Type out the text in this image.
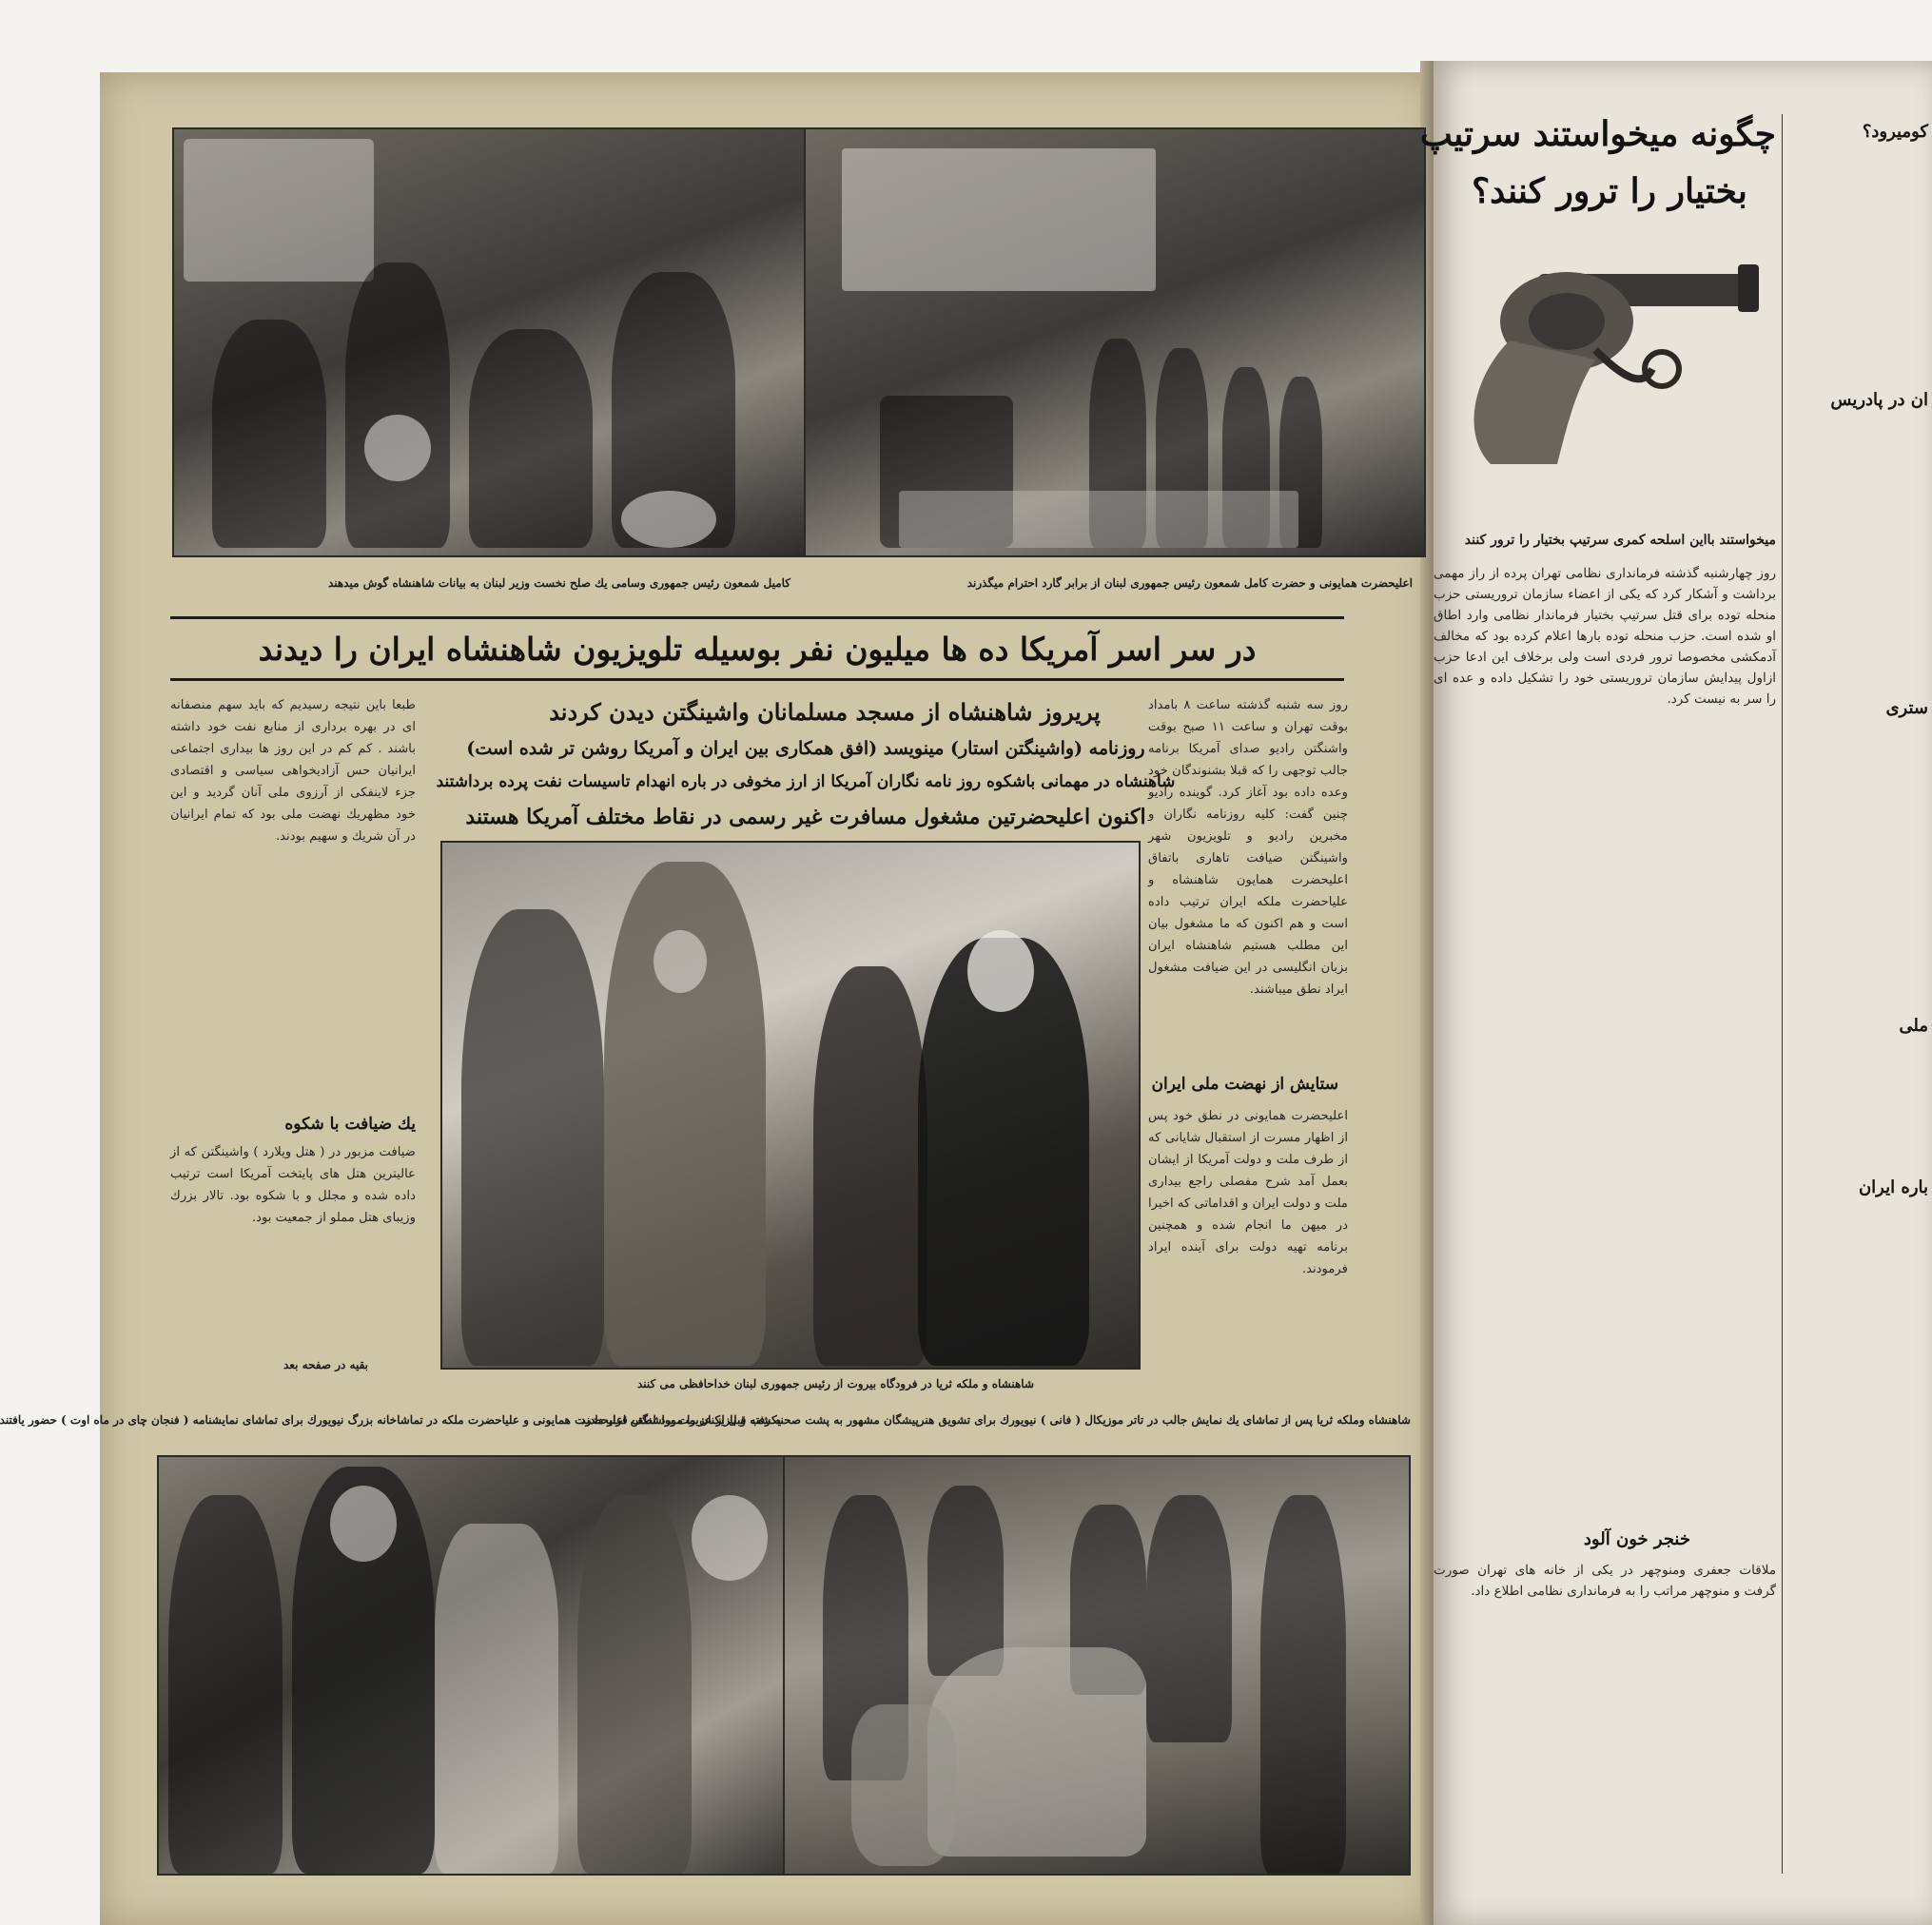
اعلیحضرت همایونی و حضرت کامل شمعون رئیس جمهوری لبنان از برابر گارد احترام میگذرند
کامیل شمعون رئیس جمهوری وسامی یك صلح نخست وزیر لبنان به بیانات شاهنشاه گوش میدهند
در سر اسر آمریکا ده ها میلیون نفر بوسیله تلویزیون شاهنشاه ایران را دیدند
پریروز شاهنشاه از مسجد مسلمانان واشینگتن دیدن کردند
روزنامه (واشینگتن استار) مینویسد (افق همکاری بین ایران و آمریکا روشن تر شده است)
شاهنشاه در مهمانی باشکوه روز نامه نگاران آمریکا از ارز مخوفی در باره انهدام تاسیسات نفت پرده برداشتند
اکنون اعلیحضرتین مشغول مسافرت غیر رسمی در نقاط مختلف آمریکا هستند
شاهنشاه و ملکه ثریا در فرودگاه بیروت از رئیس جمهوری لبنان خداحافظی می کنند
روز سه شنبه گذشته ساعت ۸ بامداد بوقت تهران و ساعت ۱۱ صبح بوقت واشنگتن رادیو صدای آمریکا برنامه جالب توجهی را که قبلا بشنوندگان خود وعده داده بود آغاز کرد. گوینده رادیو چنین گفت: کلیه روزنامه نگاران و مخبرین رادیو و تلویزیون شهر واشینگتن ضیافت تاهاری باتفاق اعلیحضرت همایون شاهنشاه و علیاحضرت ملکه ایران ترتیب داده است و هم اکنون که ما مشغول بیان این مطلب هستیم شاهنشاه ایران بزبان انگلیسی در این ضیافت مشغول ایراد نطق میباشند.
ستایش از نهضت ملی ایران
اعلیحضرت همایونی در نطق خود پس از اظهار مسرت از استقبال شایانی که از طرف ملت و دولت آمریکا از ایشان بعمل آمد شرح مفصلی راجع بیداری ملت و دولت ایران و اقداماتی که اخیرا در میهن ما انجام شده و همچنین برنامه تهیه دولت برای آینده ایراد فرمودند.
طبعا باین نتیجه رسیدیم که باید سهم منصفانه ای در بهره برداری از منابع نفت خود داشته باشند . کم کم در این روز ها بیداری اجتماعی ایرانیان حس آزادیخواهی سیاسی و اقتصادی جزء لاینفکی از آرزوی ملی آنان گردید و این خود مظهریك نهضت ملی بود که تمام ایرانیان در آن شریك و سهیم بودند.
یك ضیافت با شکوه
ضیافت مزبور در ( هتل ویلارد ) واشینگتن که از عالیترین هتل های پایتخت آمریکا است ترتیب داده شده و مجلل و با شکوه بود. تالار بزرك وزیبای هتل مملو از جمعیت بود.
بقیه در صفحه بعد
شاهنشاه وملکه ثریا پس از تماشای یك نمایش جالب در تاتر موزیکال ( فانی ) نیویورك برای تشویق هنرپیشگان مشهور به پشت صحنه رفته و بازیکنان را مورد لطف قرار دادند
یکشب قبل از عزیمت بواشنگتن اعلیحضرت همایونی و علیاحضرت ملکه در تماشاخانه بزرگ نیویورك برای تماشای نمایشنامه ( فنجان چای در ماه اوت ) حضور یافتند
چگونه میخواستند سرتیپ
بختیار را ترور کنند؟
میخواستند بااین اسلحه کمری سرتیپ بختیار را ترور کنند
روز چهارشنبه گذشته فرمانداری نظامی تهران پرده از راز مهمی برداشت و آشکار کرد که یکی از اعضاء سازمان تروریستی حزب منحله توده برای قتل سرتیپ بختیار فرماندار نظامی وارد اطاق او شده است. حزب منحله توده بارها اعلام کرده بود که مخالف آدمکشی مخصوصا ترور فردی است ولی برخلاف این ادعا حزب ازاول پیدایش سازمان تروریستی خود را تشکیل داده و عده ای را سر به نیست کرد.
خنجر خون آلود
ملاقات جعفری ومنوچهر در یکی از خانه های تهران صورت گرفت و منوچهر مراتب را به فرمانداری نظامی اطلاع داد.
کومیرود؟
ان در پادریس
ستری
ملی
باره ایران
